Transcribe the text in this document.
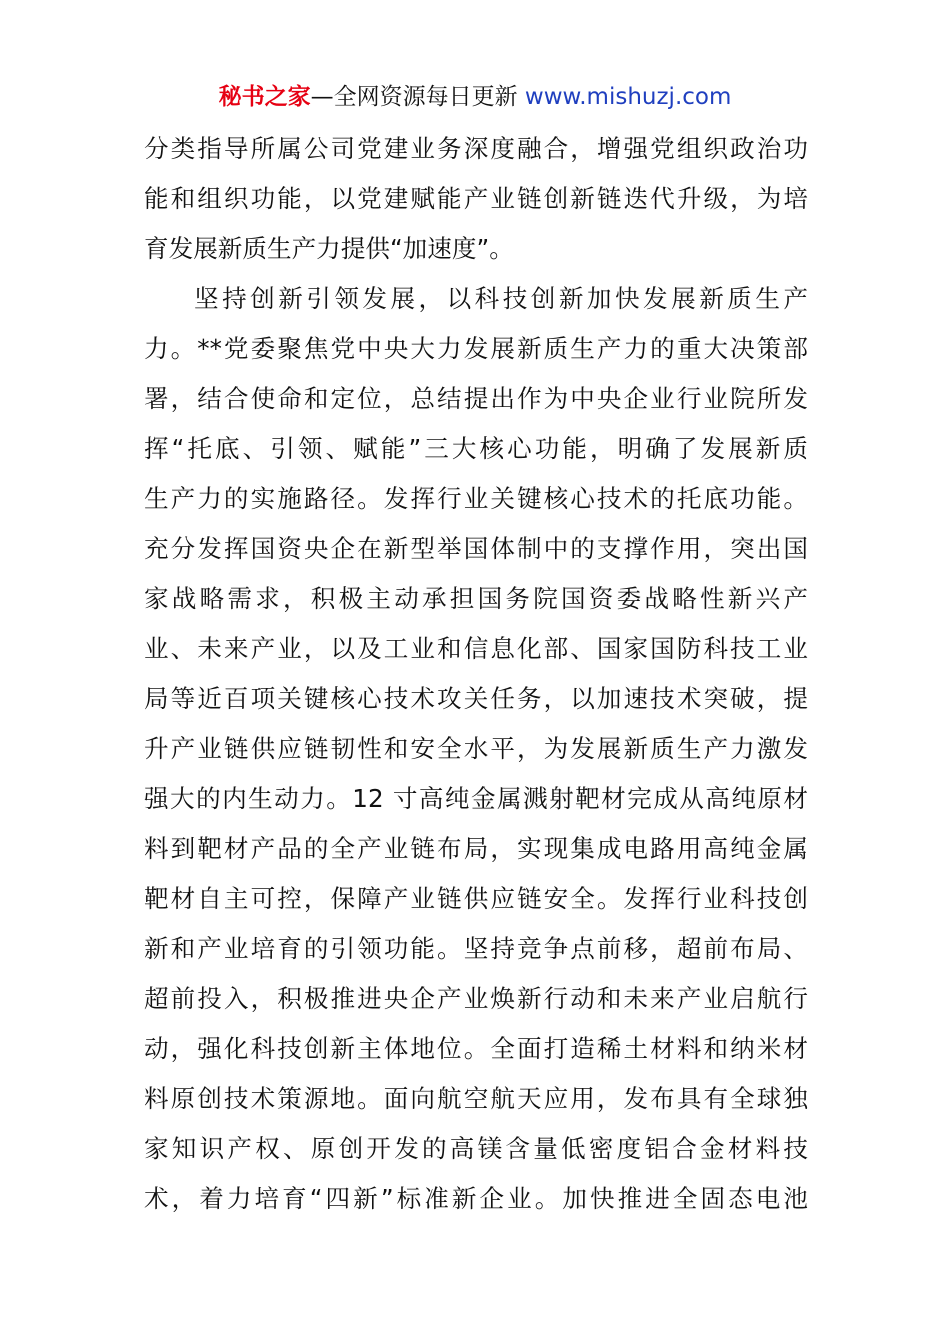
秘书之家—全网资源每日更新 www.mishuzj.com
分类指导所属公司党建业务深度融合，增强党组织政治功
能和组织功能，以党建赋能产业链创新链迭代升级，为培
育发展新质生产力提供“加速度”。
坚持创新引领发展，以科技创新加快发展新质生产
力。**党委聚焦党中央大力发展新质生产力的重大决策部
署，结合使命和定位，总结提出作为中央企业行业院所发
挥“托底、引领、赋能”三大核心功能，明确了发展新质
生产力的实施路径。发挥行业关键核心技术的托底功能。
充分发挥国资央企在新型举国体制中的支撑作用，突出国
家战略需求，积极主动承担国务院国资委战略性新兴产
业、未来产业，以及工业和信息化部、国家国防科技工业
局等近百项关键核心技术攻关任务，以加速技术突破，提
升产业链供应链韧性和安全水平，为发展新质生产力激发
强大的内生动力。12 寸高纯金属溅射靶材完成从高纯原材
料到靶材产品的全产业链布局，实现集成电路用高纯金属
靶材自主可控，保障产业链供应链安全。发挥行业科技创
新和产业培育的引领功能。坚持竞争点前移，超前布局、
超前投入，积极推进央企产业焕新行动和未来产业启航行
动，强化科技创新主体地位。全面打造稀土材料和纳米材
料原创技术策源地。面向航空航天应用，发布具有全球独
家知识产权、原创开发的高镁含量低密度铝合金材料技
术，着力培育“四新”标准新企业。加快推进全固态电池
